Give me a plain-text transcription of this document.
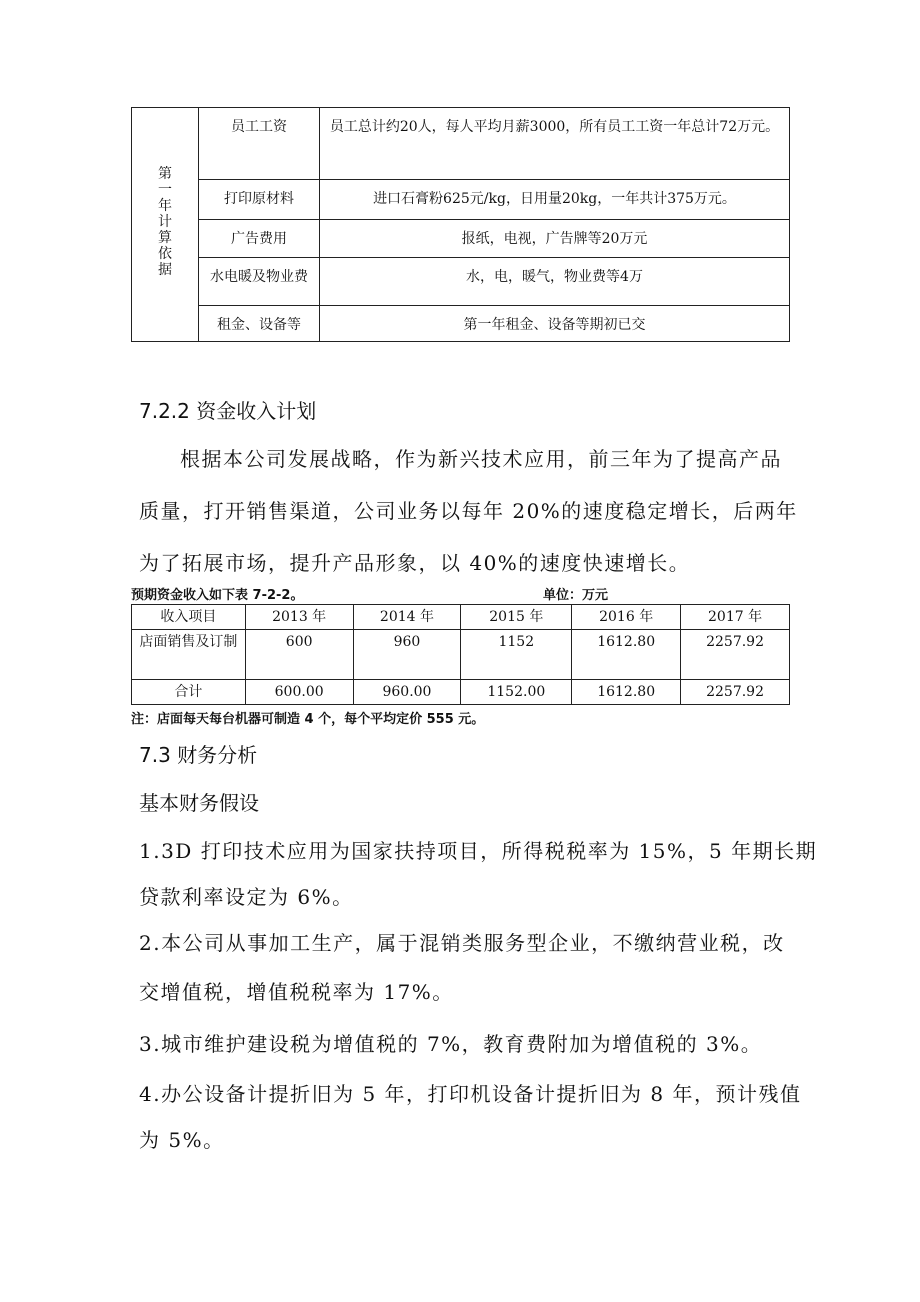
第一年计算依据	员工工资	员工总计约20人，每人平均月薪3000，所有员工工资一年总计72万元。
	打印原材料	进口石膏粉625元/kg，日用量20kg，一年共计375万元。
	广告费用	报纸，电视，广告牌等20万元
	水电暖及物业费	水，电，暖气，物业费等4万
	租金、设备等	第一年租金、设备等期初已交
7.2.2 资金收入计划
根据本公司发展战略，作为新兴技术应用，前三年为了提高产品
质量，打开销售渠道，公司业务以每年 20%的速度稳定增长，后两年
为了拓展市场，提升产品形象，以 40%的速度快速增长。
预期资金收入如下表 7-2-2。	单位：万元
收入项目	2013 年	2014 年	2015 年	2016 年	2017 年
店面销售及订制	600	960	1152	1612.80	2257.92
合计	600.00	960.00	1152.00	1612.80	2257.92
注：店面每天每台机器可制造 4 个，每个平均定价 555 元。
7.3 财务分析
基本财务假设
1.3D 打印技术应用为国家扶持项目，所得税税率为 15%，5 年期长期
贷款利率设定为 6%。
2.本公司从事加工生产，属于混销类服务型企业，不缴纳营业税，改
交增值税，增值税税率为 17%。
3.城市维护建设税为增值税的 7%，教育费附加为增值税的 3%。
4.办公设备计提折旧为 5 年，打印机设备计提折旧为 8 年，预计残值
为 5%。
